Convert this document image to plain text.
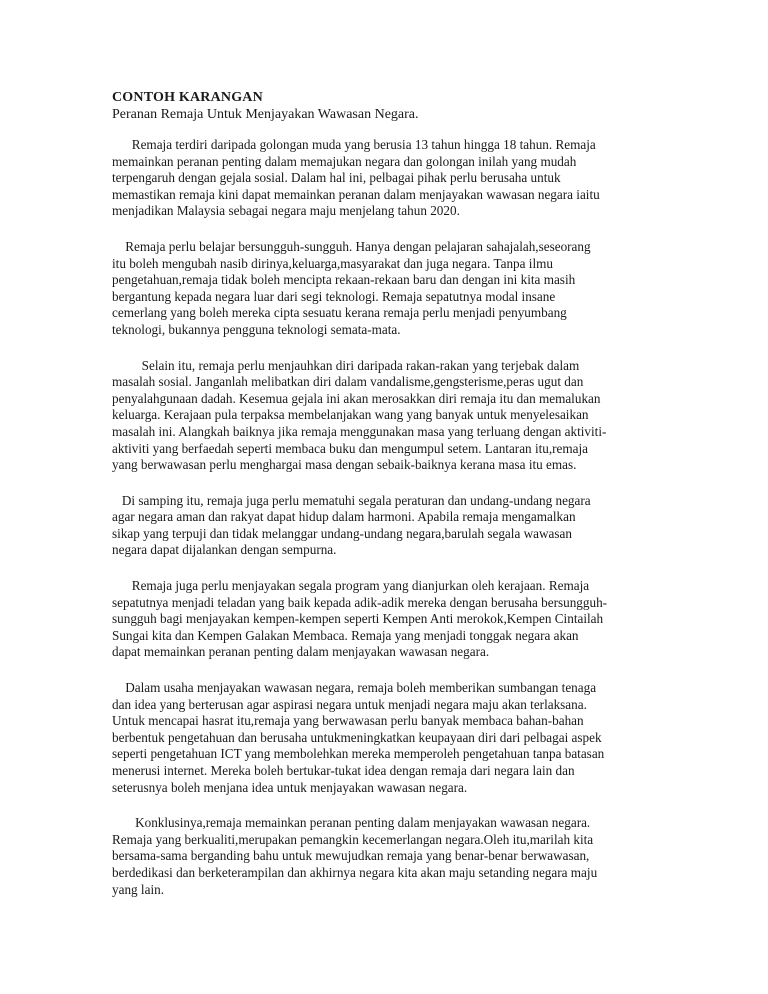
CONTOH KARANGAN

Peranan Remaja Untuk Menjayakan Wawasan Negara.

Remaja terdiri daripada golongan muda yang berusia 13 tahun hingga 18 tahun. Remaja
memainkan peranan penting dalam memajukan negara dan golongan inilah yang mudah
terpengaruh dengan gejala sosial. Dalam hal ini, pelbagai pihak perlu berusaha untuk
memastikan remaja kini dapat memainkan peranan dalam menjayakan wawasan negara iaitu
menjadikan Malaysia sebagai negara maju menjelang tahun 2020.

Remaja perlu belajar bersungguh-sungguh. Hanya dengan pelajaran sahajalah,seseorang
itu boleh mengubah nasib dirinya,keluarga,masyarakat dan juga negara. Tanpa ilmu
pengetahuan,remaja tidak boleh mencipta rekaan-rekaan baru dan dengan ini kita masih
bergantung kepada negara luar dari segi teknologi. Remaja sepatutnya modal insane
cemerlang yang boleh mereka cipta sesuatu kerana remaja perlu menjadi penyumbang
teknologi, bukannya pengguna teknologi semata-mata.

Selain itu, remaja perlu menjauhkan diri daripada rakan-rakan yang terjebak dalam
masalah sosial. Janganlah melibatkan diri dalam vandalisme,gengsterisme,peras ugut dan
penyalahgunaan dadah. Kesemua gejala ini akan merosakkan diri remaja itu dan memalukan
keluarga. Kerajaan pula terpaksa membelanjakan wang yang banyak untuk menyelesaikan
masalah ini. Alangkah baiknya jika remaja menggunakan masa yang terluang dengan aktiviti-
aktiviti yang berfaedah seperti membaca buku dan mengumpul setem. Lantaran itu,remaja
yang berwawasan perlu menghargai masa dengan sebaik-baiknya kerana masa itu emas.

Di samping itu, remaja juga perlu mematuhi segala peraturan dan undang-undang negara
agar negara aman dan rakyat dapat hidup dalam harmoni. Apabila remaja mengamalkan
sikap yang terpuji dan tidak melanggar undang-undang negara,barulah segala wawasan
negara dapat dijalankan dengan sempurna.

Remaja juga perlu menjayakan segala program yang dianjurkan oleh kerajaan. Remaja
sepatutnya menjadi teladan yang baik kepada adik-adik mereka dengan berusaha bersungguh-
sungguh bagi menjayakan kempen-kempen seperti Kempen Anti merokok,Kempen Cintailah
Sungai kita dan Kempen Galakan Membaca. Remaja yang menjadi tonggak negara akan
dapat memainkan peranan penting dalam menjayakan wawasan negara.

Dalam usaha menjayakan wawasan negara, remaja boleh memberikan sumbangan tenaga
dan idea yang berterusan agar aspirasi negara untuk menjadi negara maju akan terlaksana.
Untuk mencapai hasrat itu,remaja yang berwawasan perlu banyak membaca bahan-bahan
berbentuk pengetahuan dan berusaha untukmeningkatkan keupayaan diri dari pelbagai aspek
seperti pengetahuan ICT yang membolehkan mereka memperoleh pengetahuan tanpa batasan
menerusi internet. Mereka boleh bertukar-tukat idea dengan remaja dari negara lain dan
seterusnya boleh menjana idea untuk menjayakan wawasan negara.

Konklusinya,remaja memainkan peranan penting dalam menjayakan wawasan negara.
Remaja yang berkualiti,merupakan pemangkin kecemerlangan negara.Oleh itu,marilah kita
bersama-sama berganding bahu untuk mewujudkan remaja yang benar-benar berwawasan,
berdedikasi dan berketerampilan dan akhirnya negara kita akan maju setanding negara maju
yang lain.
